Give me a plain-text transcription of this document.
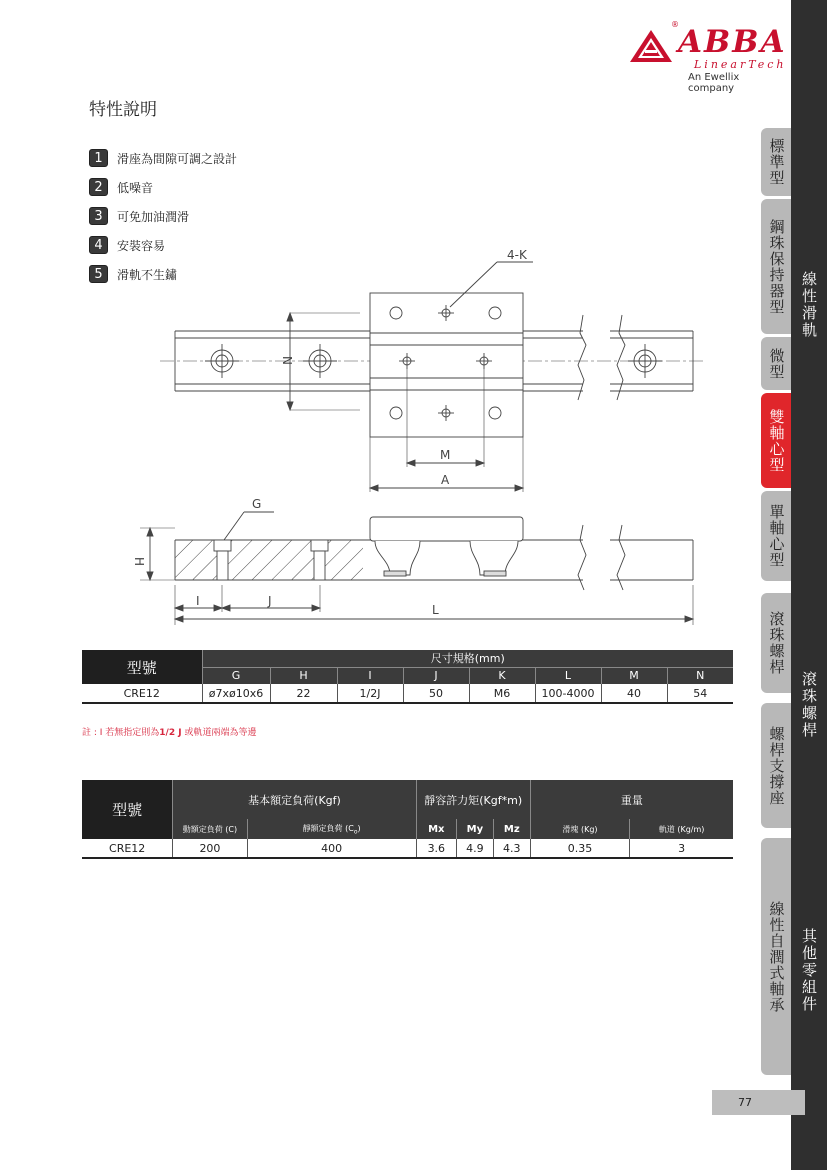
® ABBA
LinearTech
An Ewellix company
特性說明
1	滑座為間隙可調之設計
2	低噪音
3	可免加油潤滑
4	安裝容易
5	滑軌不生鏽
4-K
N
M
A
G
H
I	J
L
型號	尺寸規格(mm)							
	G	H	I	J	K	L	M	N
CRE12	ø7xø10x6	22	1/2J	50	M6	100-4000	40	54
註 : I 若無指定則為1/2 J 或軌道兩端為等邊
型號	基本額定負荷(Kgf)		靜容許力矩(Kgf*m)			重量	
	動額定負荷 (C)	靜額定負荷 $(C_o)$	Mx	My	Mz	滑塊 (Kg)	軌道 (Kg/m)
CRE12	200	400	3.6	4.9	4.3	0.35	3
線性滑軌
滾珠螺桿
其他零組件
標準型
鋼珠保持器型
微型
雙軸心型
單軸心型
滾珠螺桿
螺桿支撐座
線性自潤式軸承
77
